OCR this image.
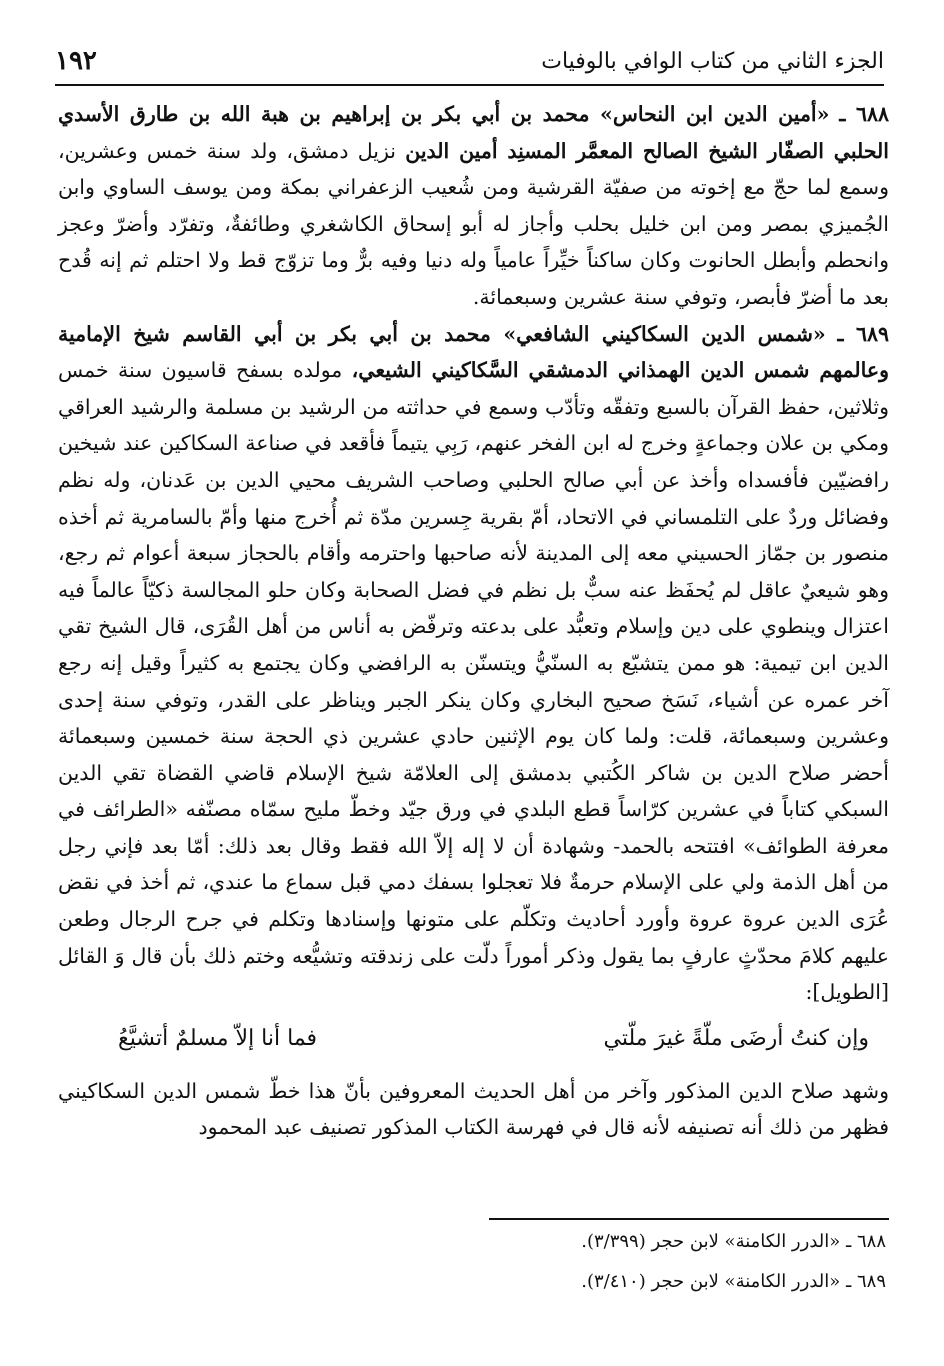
الجزء الثاني من كتاب الوافي بالوفيات
١٩٢

٦٨٨ ـ «أمين الدين ابن النحاس» محمد بن أبي بكر بن إبراهيم بن هبة الله بن طارق الأسدي الحلبي الصفّار الشيخ الصالح المعمَّر المسنِد أمين الدين نزيل دمشق، ولد سنة خمس وعشرين، وسمع لما حجّ مع إخوته من صفيّة القرشية ومن شُعيب الزعفراني بمكة ومن يوسف الساوي وابن الجُميزي بمصر ومن ابن خليل بحلب وأجاز له أبو إسحاق الكاشغري وطائفةٌ، وتفرّد وأضرّ وعجز وانحطم وأبطل الحانوت وكان ساكناً خيِّراً عامياً وله دنيا وفيه برٌّ وما تزوّج قط ولا احتلم ثم إنه قُدح بعد ما أضرّ فأبصر، وتوفي سنة عشرين وسبعمائة.

٦٨٩ ـ «شمس الدين السكاكيني الشافعي» محمد بن أبي بكر بن أبي القاسم شيخ الإمامية وعالمهم شمس الدين الهمذاني الدمشقي السَّكاكيني الشيعي، مولده بسفح قاسيون سنة خمس وثلاثين، حفظ القرآن بالسبع وتفقّه وتأدّب وسمع في حداثته من الرشيد بن مسلمة والرشيد العراقي ومكي بن علان وجماعةٍ وخرج له ابن الفخر عنهم، رَبِي يتيماً فأقعد في صناعة السكاكين عند شيخين رافضيّين فأفسداه وأخذ عن أبي صالح الحلبي وصاحب الشريف محيي الدين بن عَدنان، وله نظم وفضائل وردٌ على التلمساني في الاتحاد، أمّ بقرية جِسرين مدّة ثم أُخرج منها وأمّ بالسامرية ثم أخذه منصور بن جمّاز الحسيني معه إلى المدينة لأنه صاحبها واحترمه وأقام بالحجاز سبعة أعوام ثم رجع، وهو شيعيٌ عاقل لم يُحفَظ عنه سبٌّ بل نظم في فضل الصحابة وكان حلو المجالسة ذكيّاً عالماً فيه اعتزال وينطوي على دين وإسلام وتعبُّد على بدعته وترفّض به أناس من أهل القُرَى، قال الشيخ تقي الدين ابن تيمية: هو ممن يتشيّع به السنّيُّ ويتسنّن به الرافضي وكان يجتمع به كثيراً وقيل إنه رجع آخر عمره عن أشياء، نَسَخ صحيح البخاري وكان ينكر الجبر ويناظر على القدر، وتوفي سنة إحدى وعشرين وسبعمائة، قلت: ولما كان يوم الإثنين حادي عشرين ذي الحجة سنة خمسين وسبعمائة أحضر صلاح الدين بن شاكر الكُتبي بدمشق إلى العلامّة شيخ الإسلام قاضي القضاة تقي الدين السبكي كتاباً في عشرين كرّاساً قطع البلدي في ورق جيّد وخطّ مليح سمّاه مصنّفه «الطرائف في معرفة الطوائف» افتتحه بالحمد- وشهادة أن لا إله إلاّ الله فقط وقال بعد ذلك: أمّا بعد فإني رجل من أهل الذمة ولي على الإسلام حرمةٌ فلا تعجلوا بسفك دمي قبل سماع ما عندي، ثم أخذ في نقض عُرَى الدين عروة عروة وأورد أحاديث وتكلّم على متونها وإسنادها وتكلم في جرح الرجال وطعن عليهم كلامَ محدّثٍ عارفٍ بما يقول وذكر أموراً دلّت على زندقته وتشيُّعه وختم ذلك بأن قال وَ القائل [الطويل]:

وإن كنتُ أرضَى ملّةً غيرَ ملّتي
فما أنا إلاّ مسلمٌ أتشيَّعُ

وشهد صلاح الدين المذكور وآخر من أهل الحديث المعروفين بأنّ هذا خطّ شمس الدين السكاكيني فظهر من ذلك أنه تصنيفه لأنه قال في فهرسة الكتاب المذكور تصنيف عبد المحمود

٦٨٨ ـ «الدرر الكامنة» لابن حجر (٣/٣٩٩).
٦٨٩ ـ «الدرر الكامنة» لابن حجر (٣/٤١٠).
